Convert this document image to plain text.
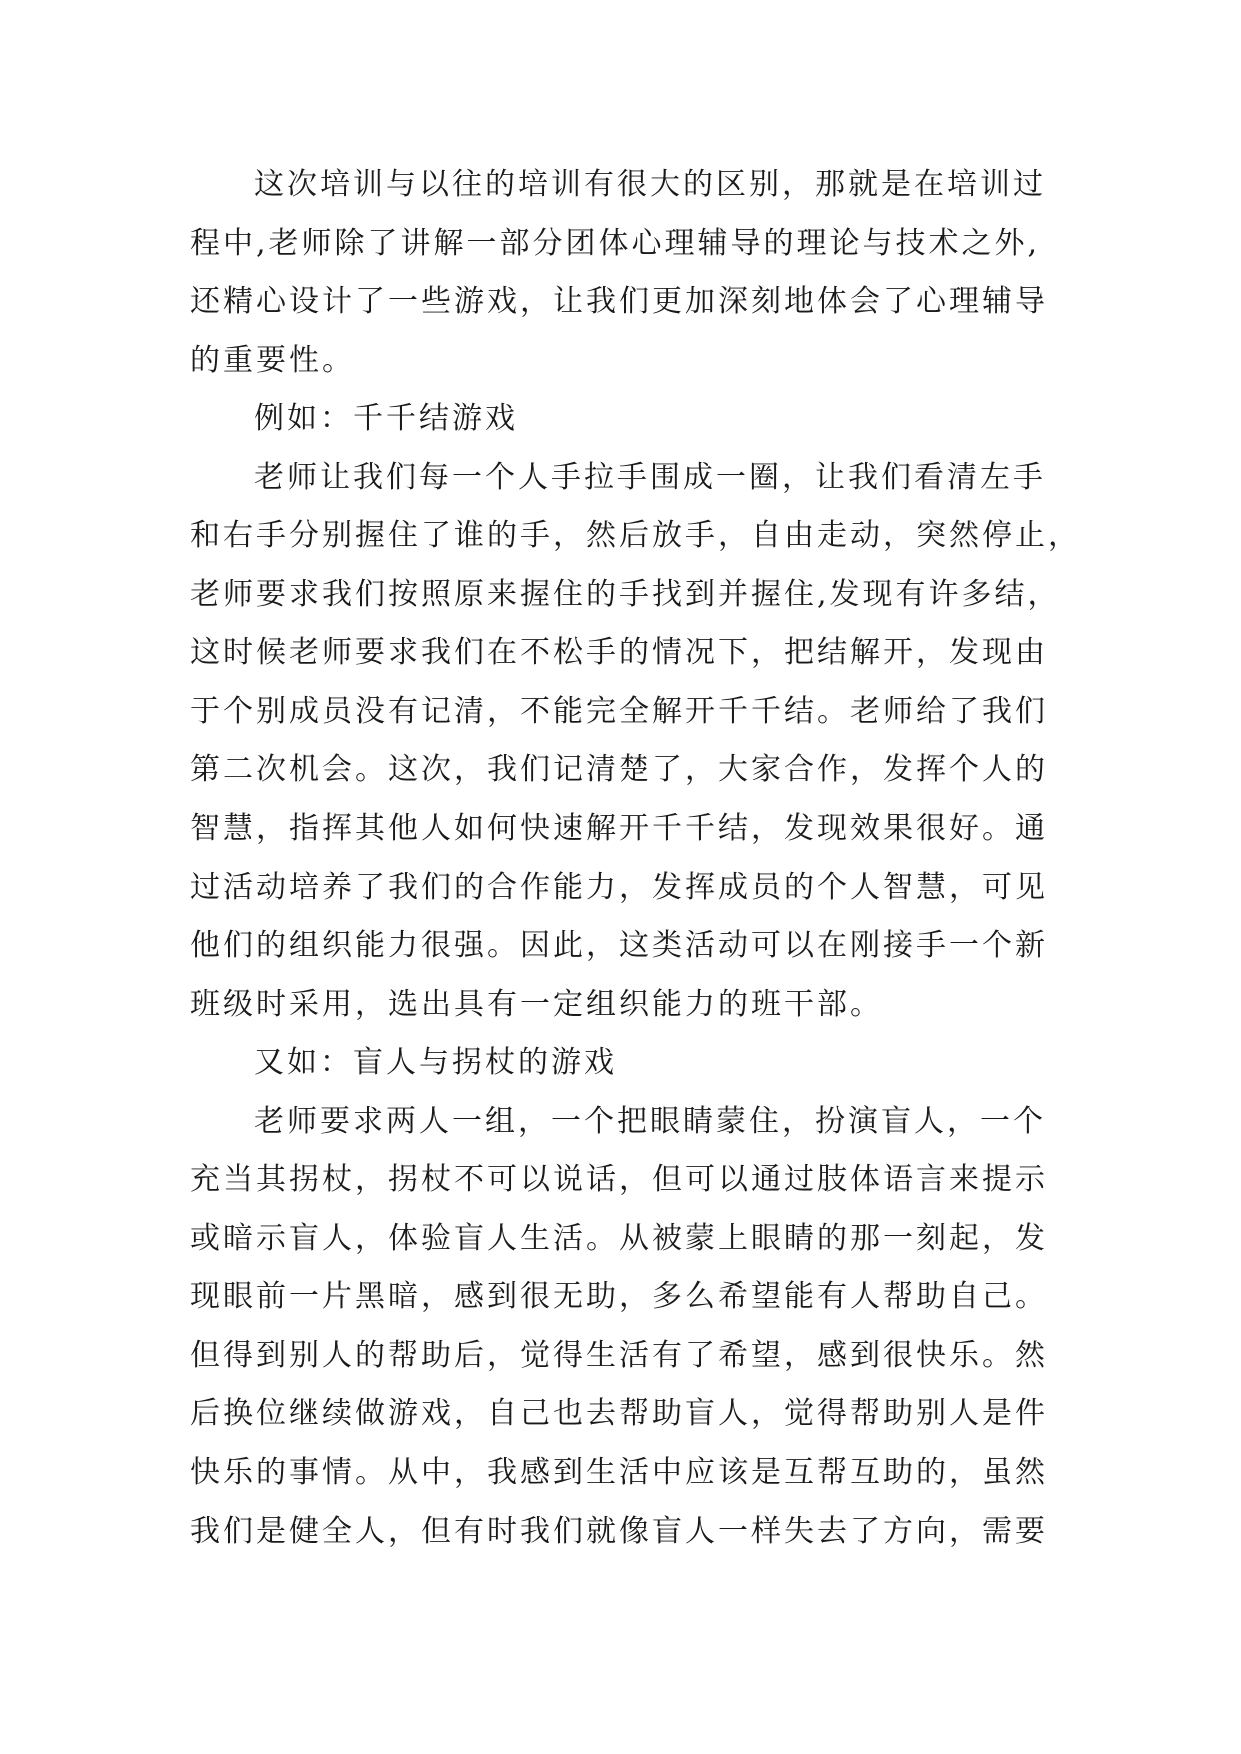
这次培训与以往的培训有很大的区别，那就是在培训过
程中,老师除了讲解一部分团体心理辅导的理论与技术之外,
还精心设计了一些游戏，让我们更加深刻地体会了心理辅导
的重要性。
例如：千千结游戏
老师让我们每一个人手拉手围成一圈，让我们看清左手
和右手分别握住了谁的手，然后放手，自由走动，突然停止，
老师要求我们按照原来握住的手找到并握住,发现有许多结，
这时候老师要求我们在不松手的情况下，把结解开，发现由
于个别成员没有记清，不能完全解开千千结。老师给了我们
第二次机会。这次，我们记清楚了，大家合作，发挥个人的
智慧，指挥其他人如何快速解开千千结，发现效果很好。通
过活动培养了我们的合作能力，发挥成员的个人智慧，可见
他们的组织能力很强。因此，这类活动可以在刚接手一个新
班级时采用，选出具有一定组织能力的班干部。
又如：盲人与拐杖的游戏
老师要求两人一组，一个把眼睛蒙住，扮演盲人，一个
充当其拐杖，拐杖不可以说话，但可以通过肢体语言来提示
或暗示盲人，体验盲人生活。从被蒙上眼睛的那一刻起，发
现眼前一片黑暗，感到很无助，多么希望能有人帮助自己。
但得到别人的帮助后，觉得生活有了希望，感到很快乐。然
后换位继续做游戏，自己也去帮助盲人，觉得帮助别人是件
快乐的事情。从中，我感到生活中应该是互帮互助的，虽然
我们是健全人，但有时我们就像盲人一样失去了方向，需要
